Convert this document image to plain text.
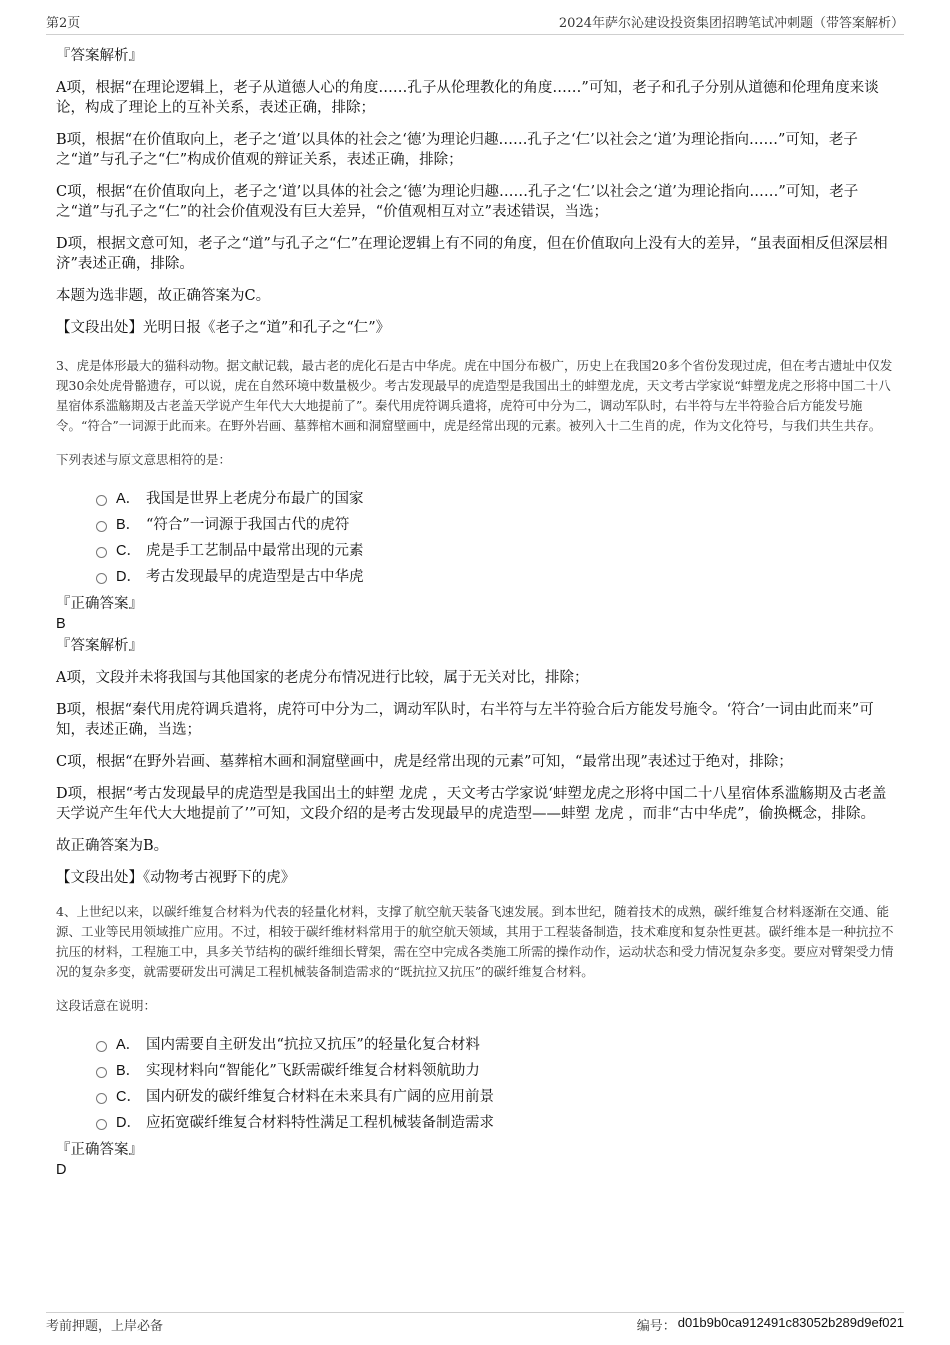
第2页	2024年萨尔沁建设投资集团招聘笔试冲刺题（带答案解析）

『答案解析』

A项，根据“在理论逻辑上，老子从道德人心的角度……孔子从伦理教化的角度……”可知，老子和孔子分别从道德和伦理角度来谈论，构成了理论上的互补关系，表述正确，排除；

B项，根据“在价值取向上，老子之‘道’以具体的社会之‘德’为理论归趣……孔子之‘仁’以社会之‘道’为理论指向……”可知，老子之“道”与孔子之“仁”构成价值观的辩证关系，表述正确，排除；

C项，根据“在价值取向上，老子之‘道’以具体的社会之‘德’为理论归趣……孔子之‘仁’以社会之‘道’为理论指向……”可知，老子之“道”与孔子之“仁”的社会价值观没有巨大差异，“价值观相互对立”表述错误，当选；

D项，根据文意可知，老子之“道”与孔子之“仁”在理论逻辑上有不同的角度，但在价值取向上没有大的差异，“虽表面相反但深层相济”表述正确，排除。

本题为选非题，故正确答案为C。

【文段出处】光明日报《老子之“道”和孔子之“仁”》

3、虎是体形最大的猫科动物。据文献记载，最古老的虎化石是古中华虎。虎在中国分布极广，历史上在我国20多个省份发现过虎，但在考古遗址中仅发现30余处虎骨骼遗存，可以说，虎在自然环境中数量极少。考古发现最早的虎造型是我国出土的蚌塑龙虎，天文考古学家说“蚌塑龙虎之形将中国二十八星宿体系滥觞期及古老盖天学说产生年代大大地提前了”。秦代用虎符调兵遣将，虎符可中分为二，调动军队时，右半符与左半符验合后方能发号施令。“符合”一词源于此而来。在野外岩画、墓葬棺木画和洞窟壁画中，虎是经常出现的元素。被列入十二生肖的虎，作为文化符号，与我们共生共存。

下列表述与原文意思相符的是：

A． 我国是世界上老虎分布最广的国家
B． “符合”一词源于我国古代的虎符
C． 虎是手工艺制品中最常出现的元素
D． 考古发现最早的虎造型是古中华虎

『正确答案』

B

『答案解析』

A项，文段并未将我国与其他国家的老虎分布情况进行比较，属于无关对比，排除；

B项，根据“秦代用虎符调兵遣将，虎符可中分为二，调动军队时，右半符与左半符验合后方能发号施令。‘符合’一词由此而来”可知，表述正确，当选；

C项，根据“在野外岩画、墓葬棺木画和洞窟壁画中，虎是经常出现的元素”可知，“最常出现”表述过于绝对，排除；

D项，根据“考古发现最早的虎造型是我国出土的蚌塑 龙虎 ，天文考古学家说‘蚌塑龙虎之形将中国二十八星宿体系滥觞期及古老盖天学说产生年代大大地提前了’”可知，文段介绍的是考古发现最早的虎造型——蚌塑 龙虎 ，而非“古中华虎”，偷换概念，排除。

故正确答案为B。

【文段出处】《动物考古视野下的虎》

4、上世纪以来，以碳纤维复合材料为代表的轻量化材料，支撑了航空航天装备飞速发展。到本世纪，随着技术的成熟，碳纤维复合材料逐渐在交通、能源、工业等民用领域推广应用。不过，相较于碳纤维材料常用于的航空航天领域，其用于工程装备制造，技术难度和复杂性更甚。碳纤维本是一种抗拉不抗压的材料，工程施工中，具多关节结构的碳纤维细长臂架，需在空中完成各类施工所需的操作动作，运动状态和受力情况复杂多变。要应对臂架受力情况的复杂多变，就需要研发出可满足工程机械装备制造需求的“既抗拉又抗压”的碳纤维复合材料。

这段话意在说明：

A． 国内需要自主研发出“抗拉又抗压”的轻量化复合材料
B． 实现材料向“智能化”飞跃需碳纤维复合材料领航助力
C． 国内研发的碳纤维复合材料在未来具有广阔的应用前景
D． 应拓宽碳纤维复合材料特性满足工程机械装备制造需求

『正确答案』

D

考前押题，上岸必备	编号： d01b9b0ca912491c83052b289d9ef021
